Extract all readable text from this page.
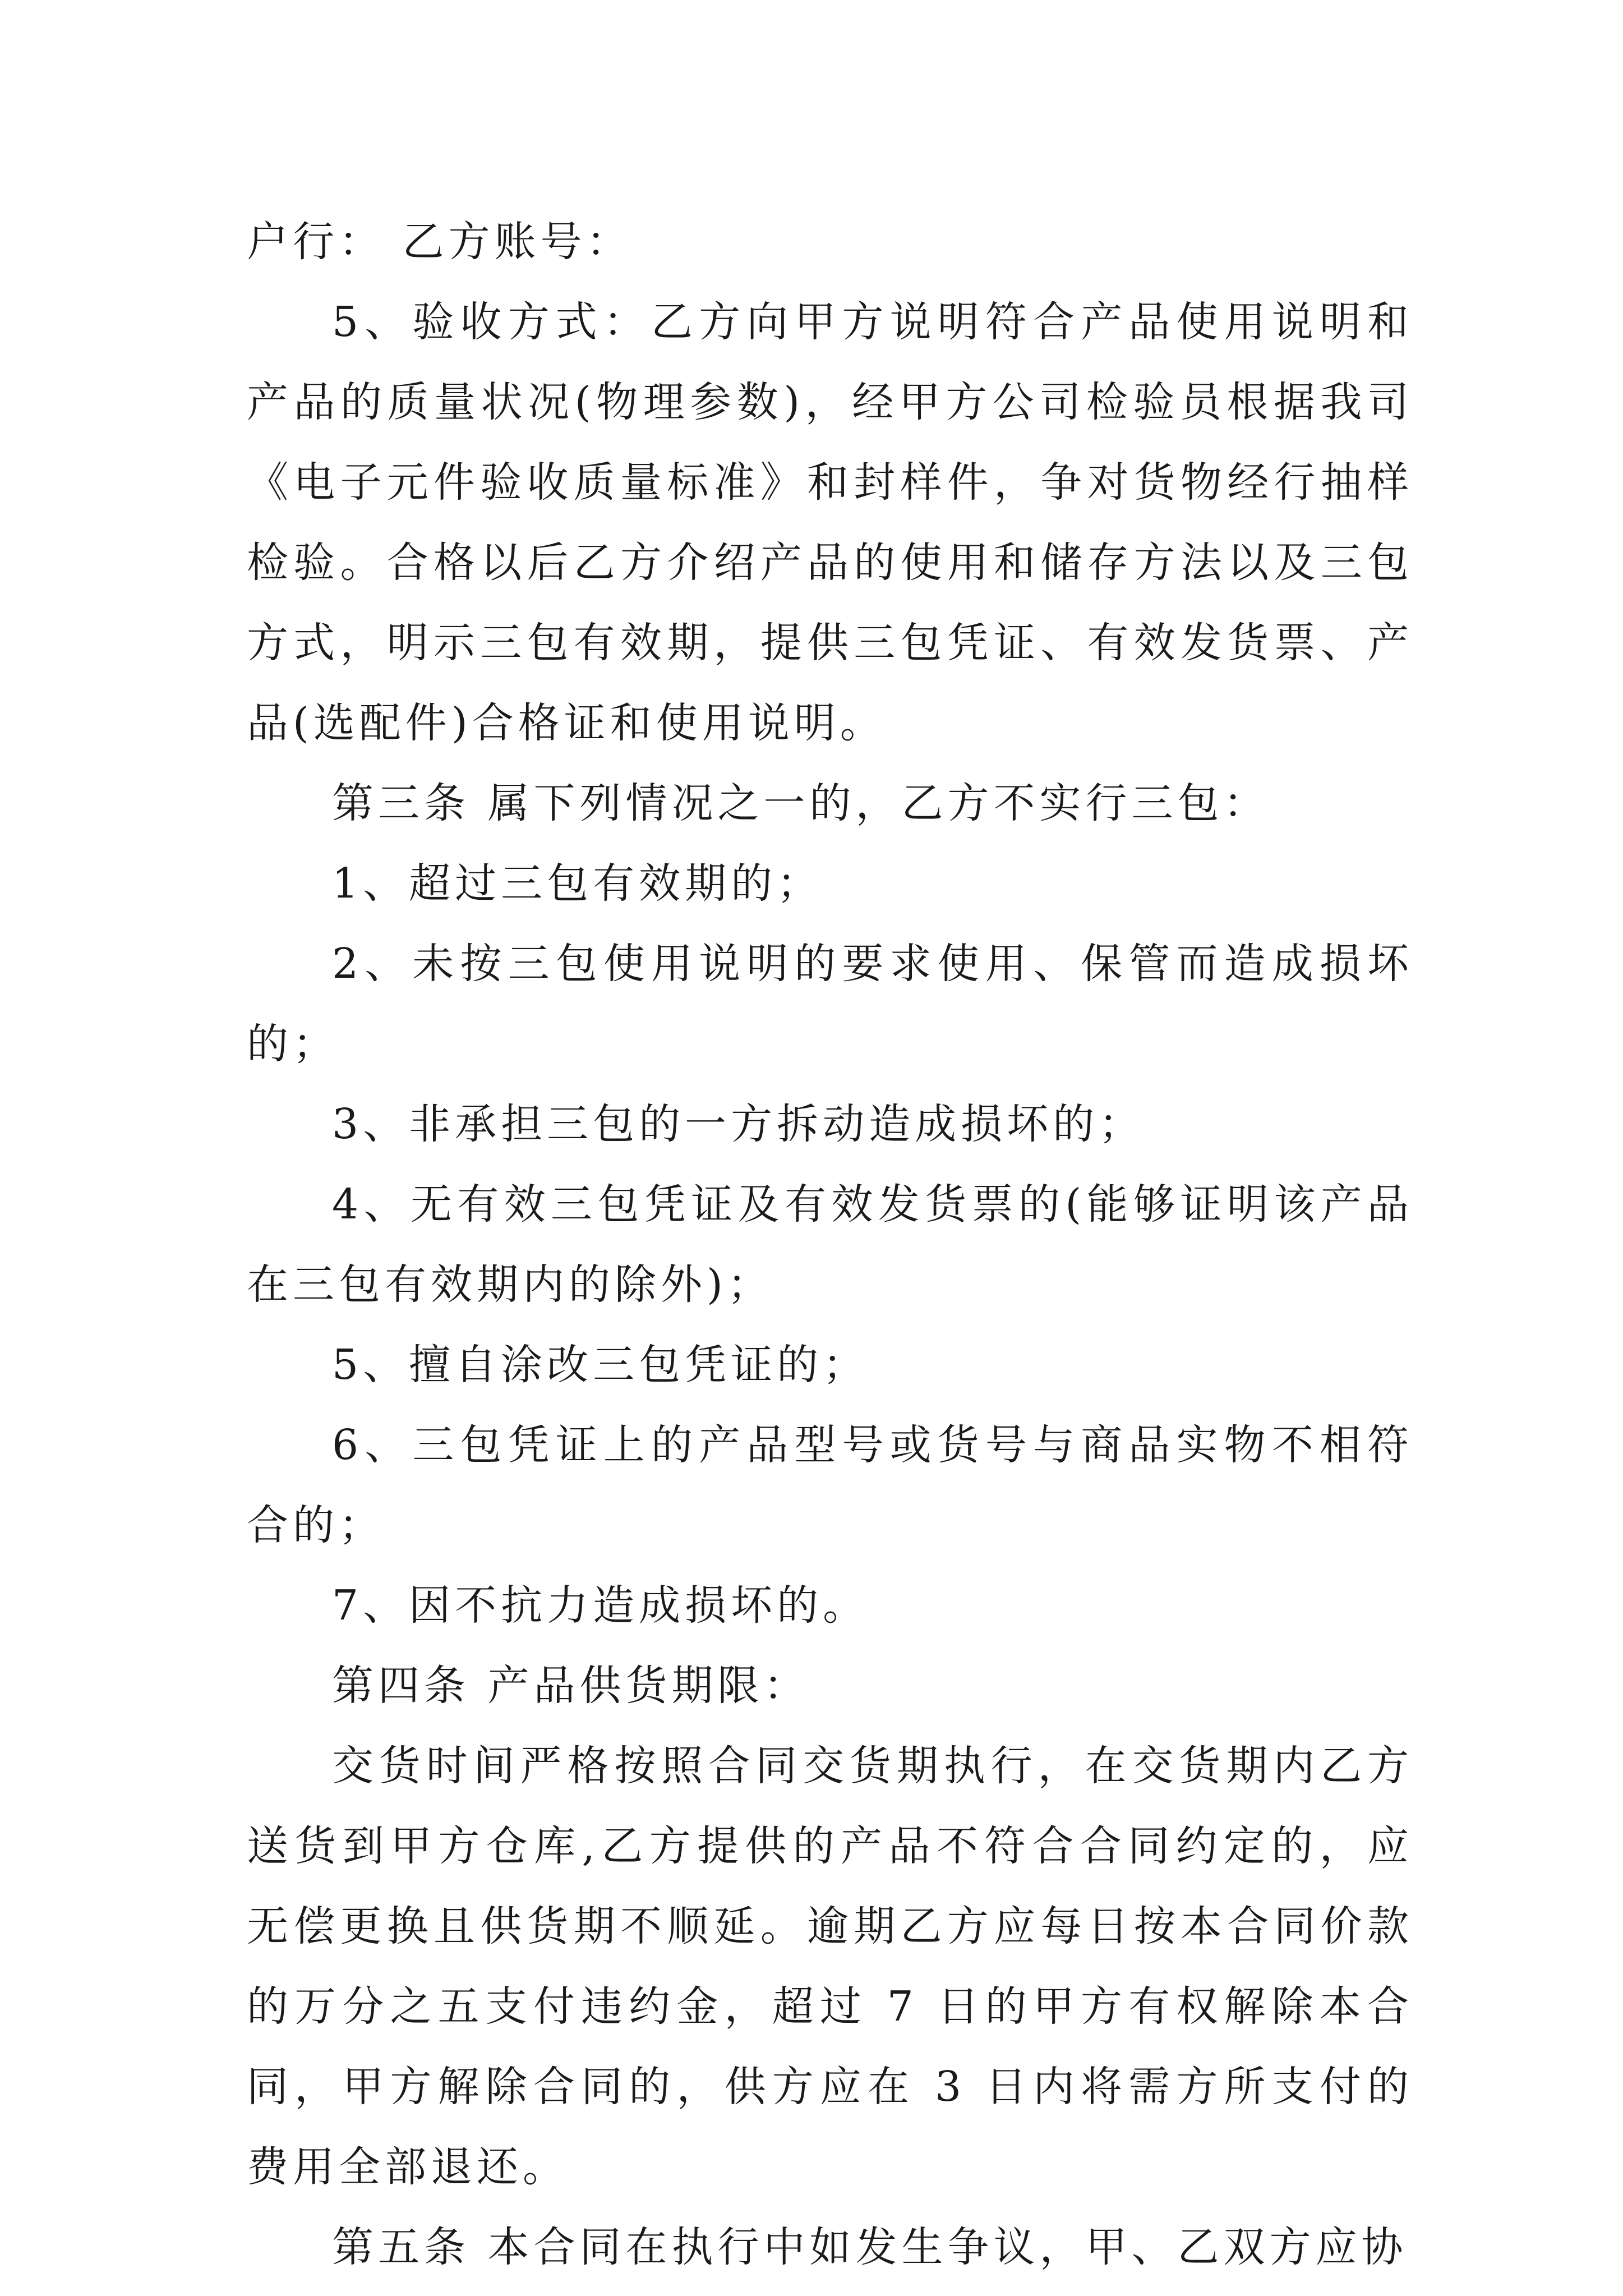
户行： 乙方账号：

5、验收方式：乙方向甲方说明符合产品使用说明和产品的质量状况(物理参数)，经甲方公司检验员根据我司《电子元件验收质量标准》和封样件，争对货物经行抽样检验。合格以后乙方介绍产品的使用和储存方法以及三包方式，明示三包有效期，提供三包凭证、有效发货票、产品(选配件)合格证和使用说明。

第三条 属下列情况之一的，乙方不实行三包：

1、超过三包有效期的；

2、未按三包使用说明的要求使用、保管而造成损坏的；

3、非承担三包的一方拆动造成损坏的；

4、无有效三包凭证及有效发货票的(能够证明该产品在三包有效期内的除外)；

5、擅自涂改三包凭证的；

6、三包凭证上的产品型号或货号与商品实物不相符合的；

7、因不抗力造成损坏的。

第四条 产品供货期限：

交货时间严格按照合同交货期执行，在交货期内乙方送货到甲方仓库,乙方提供的产品不符合合同约定的，应无偿更换且供货期不顺延。逾期乙方应每日按本合同价款的万分之五支付违约金，超过 7 日的甲方有权解除本合同，甲方解除合同的，供方应在 3 日内将需方所支付的费用全部退还。

第五条 本合同在执行中如发生争议，甲、乙双方应协
